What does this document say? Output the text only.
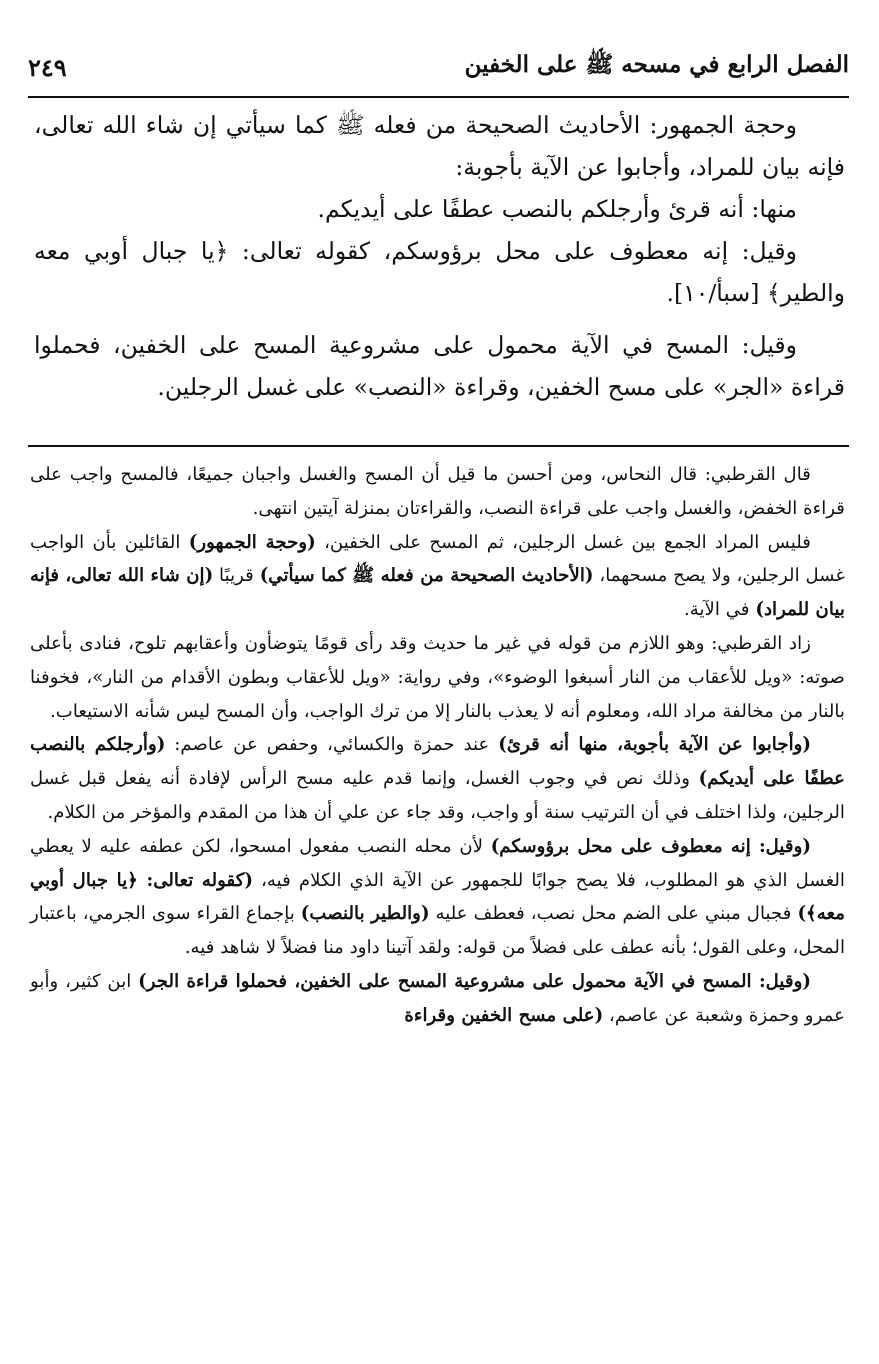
الفصل الرابع في مسحه ﷺ على الخفين
٢٤٩

وحجة الجمهور: الأحاديث الصحيحة من فعله ﷺ كما سيأتي إن شاء الله تعالى، فإنه بيان للمراد، وأجابوا عن الآية بأجوبة:

منها: أنه قرئ وأرجلكم بالنصب عطفًا على أيديكم.

وقيل: إنه معطوف على محل برؤوسكم، كقوله تعالى: ﴿يا جبال أوبي معه والطير﴾ [سبأ/١٠].

وقيل: المسح في الآية محمول على مشروعية المسح على الخفين، فحملوا قراءة «الجر» على مسح الخفين، وقراءة «النصب» على غسل الرجلين.

قال القرطبي: قال النحاس، ومن أحسن ما قيل أن المسح والغسل واجبان جميعًا، فالمسح واجب على قراءة الخفض، والغسل واجب على قراءة النصب، والقراءتان بمنزلة آيتين انتهى.

فليس المراد الجمع بين غسل الرجلين، ثم المسح على الخفين، (وحجة الجمهور) القائلين بأن الواجب غسل الرجلين، ولا يصح مسحهما، (الأحاديث الصحيحة من فعله ﷺ كما سيأتي) قريبًا (إن شاء الله تعالى، فإنه بيان للمراد) في الآية.

زاد القرطبي: وهو اللازم من قوله في غير ما حديث وقد رأى قومًا يتوضأون وأعقابهم تلوح، فنادى بأعلى صوته: «ويل للأعقاب من النار أسبغوا الوضوء»، وفي رواية: «ويل للأعقاب وبطون الأقدام من النار»، فخوفنا بالنار من مخالفة مراد الله، ومعلوم أنه لا يعذب بالنار إلا من ترك الواجب، وأن المسح ليس شأنه الاستيعاب.

(وأجابوا عن الآية بأجوبة، منها أنه قرئ) عند حمزة والكسائي، وحفص عن عاصم: (وأرجلكم بالنصب عطفًا على أيديكم) وذلك نص في وجوب الغسل، وإنما قدم عليه مسح الرأس لإفادة أنه يفعل قبل غسل الرجلين، ولذا اختلف في أن الترتيب سنة أو واجب، وقد جاء عن علي أن هذا من المقدم والمؤخر من الكلام.

(وقيل: إنه معطوف على محل برؤوسكم) لأن محله النصب مفعول امسحوا، لكن عطفه عليه لا يعطي الغسل الذي هو المطلوب، فلا يصح جوابًا للجمهور عن الآية الذي الكلام فيه، (كقوله تعالى: ﴿يا جبال أوبي معه﴾) فجبال مبني على الضم محل نصب، فعطف عليه (والطير بالنصب) بإجماع القراء سوى الجرمي، باعتبار المحل، وعلى القول؛ بأنه عطف على فضلاً من قوله: ولقد آتينا داود منا فضلاً لا شاهد فيه.

(وقيل: المسح في الآية محمول على مشروعية المسح على الخفين، فحملوا قراءة الجر) ابن كثير، وأبو عمرو وحمزة وشعبة عن عاصم، (على مسح الخفين وقراءة
